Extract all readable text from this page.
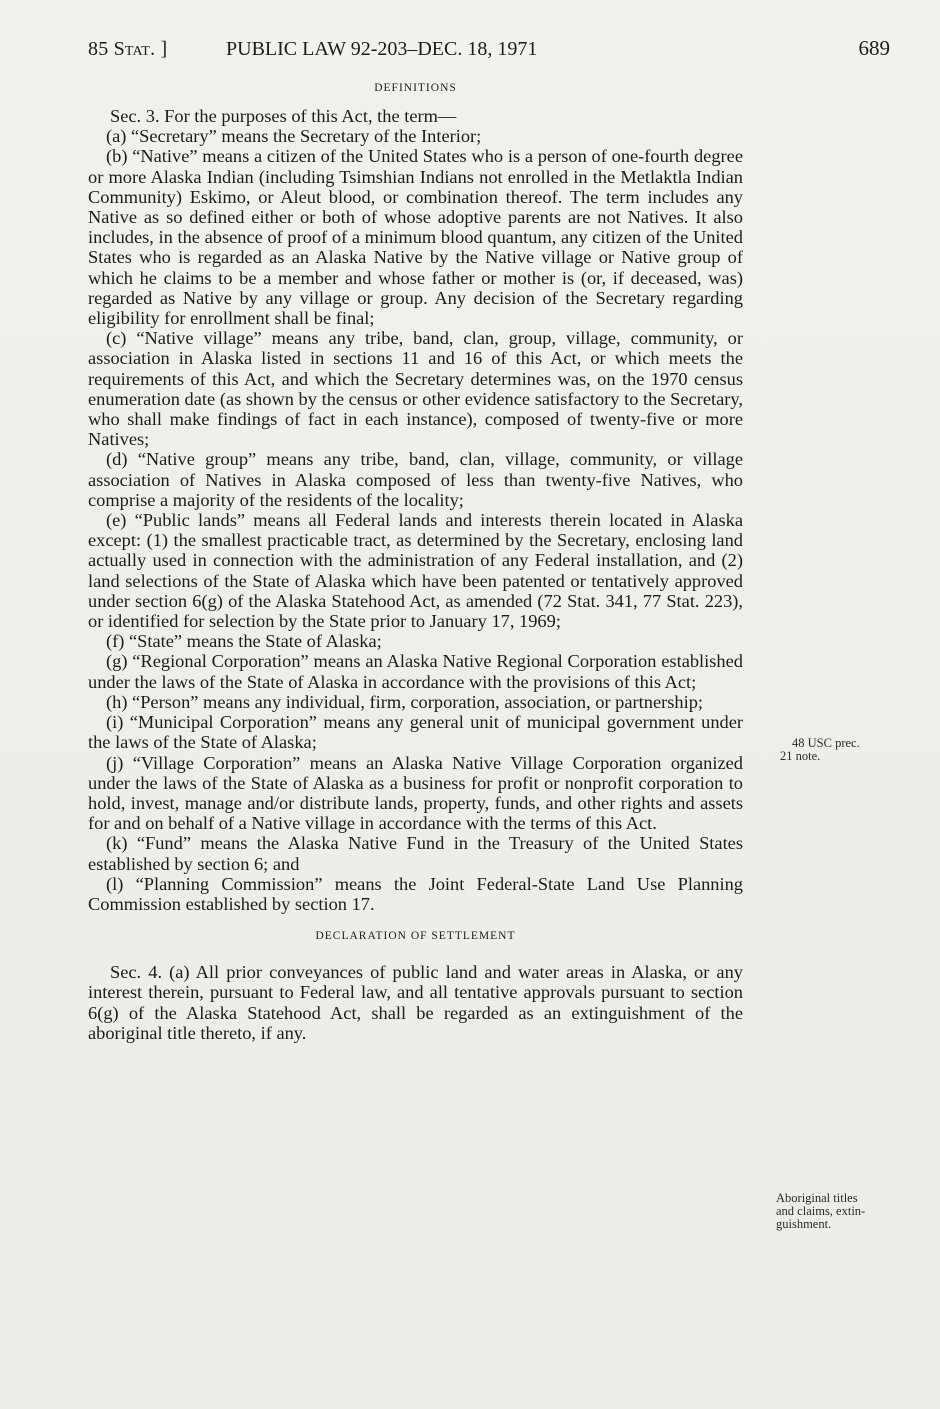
85 Stat. ]	PUBLIC LAW 92-203–DEC. 18, 1971	689
DEFINITIONS

Sec. 3. For the purposes of this Act, the term—

(a) “Secretary” means the Secretary of the Interior;

(b) “Native” means a citizen of the United States who is a person of one-fourth degree or more Alaska Indian (including Tsimshian Indians not enrolled in the Metlaktla Indian Community) Eskimo, or Aleut blood, or combination thereof. The term includes any Native as so defined either or both of whose adoptive parents are not Natives. It also includes, in the absence of proof of a minimum blood quantum, any citizen of the United States who is regarded as an Alaska Native by the Native village or Native group of which he claims to be a member and whose father or mother is (or, if deceased, was) regarded as Native by any village or group. Any decision of the Secretary regarding eligibility for enrollment shall be final;

(c) “Native village” means any tribe, band, clan, group, village, community, or association in Alaska listed in sections 11 and 16 of this Act, or which meets the requirements of this Act, and which the Secretary determines was, on the 1970 census enumeration date (as shown by the census or other evidence satisfactory to the Secretary, who shall make findings of fact in each instance), composed of twenty-five or more Natives;

(d) “Native group” means any tribe, band, clan, village, community, or village association of Natives in Alaska composed of less than twenty-five Natives, who comprise a majority of the residents of the locality;

(e) “Public lands” means all Federal lands and interests therein located in Alaska except: (1) the smallest practicable tract, as determined by the Secretary, enclosing land actually used in connection with the administration of any Federal installation, and (2) land selections of the State of Alaska which have been patented or tentatively approved under section 6(g) of the Alaska Statehood Act, as amended (72 Stat. 341, 77 Stat. 223), or identified for selection by the State prior to January 17, 1969;

(f) “State” means the State of Alaska;

(g) “Regional Corporation” means an Alaska Native Regional Corporation established under the laws of the State of Alaska in accordance with the provisions of this Act;

(h) “Person” means any individual, firm, corporation, association, or partnership;

(i) “Municipal Corporation” means any general unit of municipal government under the laws of the State of Alaska;

(j) “Village Corporation” means an Alaska Native Village Corporation organized under the laws of the State of Alaska as a business for profit or nonprofit corporation to hold, invest, manage and/or distribute lands, property, funds, and other rights and assets for and on behalf of a Native village in accordance with the terms of this Act.

(k) “Fund” means the Alaska Native Fund in the Treasury of the United States established by section 6; and

(l) “Planning Commission” means the Joint Federal-State Land Use Planning Commission established by section 17.

DECLARATION OF SETTLEMENT

Sec. 4. (a) All prior conveyances of public land and water areas in Alaska, or any interest therein, pursuant to Federal law, and all tentative approvals pursuant to section 6(g) of the Alaska Statehood Act, shall be regarded as an extinguishment of the aboriginal title thereto, if any.

48 USC prec.
21 note.
Aboriginal titles
and claims, extin-
guishment.
